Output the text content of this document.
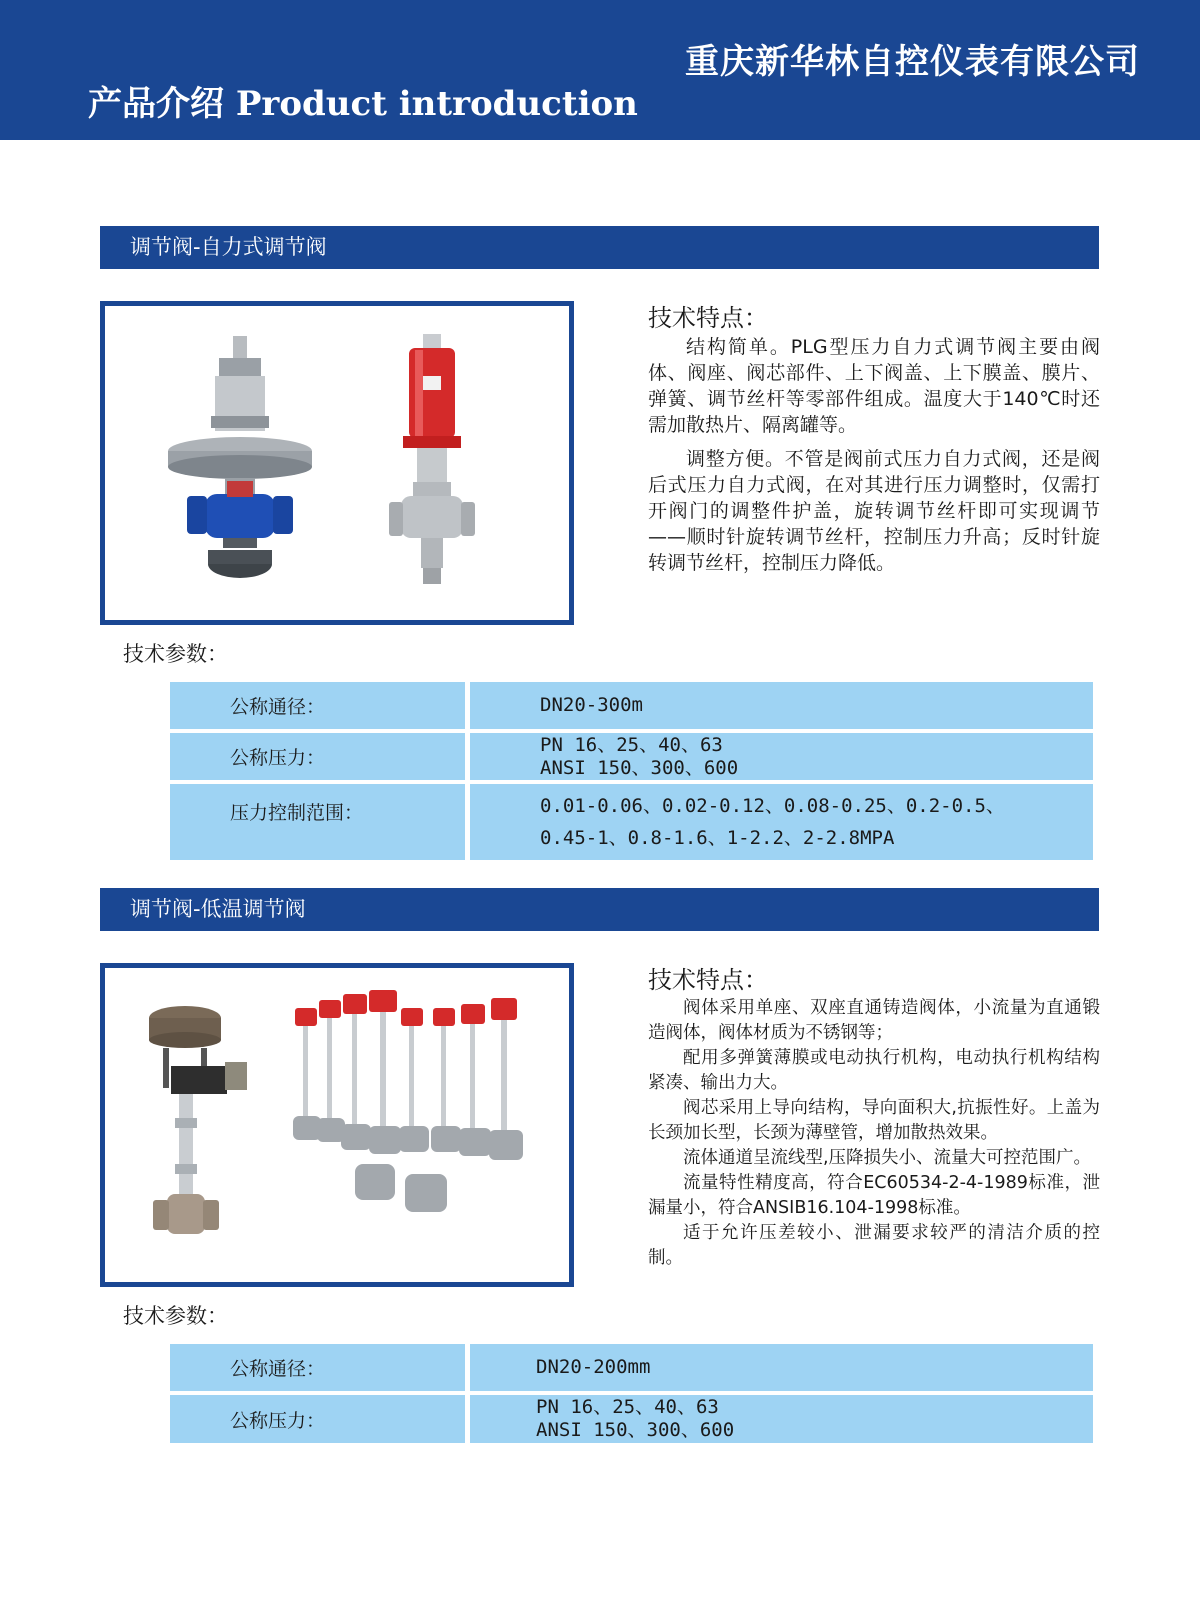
重庆新华林自控仪表有限公司
产品介绍 Product introduction
调节阀-自力式调节阀
技术特点：

结构简单。PLG型压力自力式调节阀主要由阀体、阀座、阀芯部件、上下阀盖、上下膜盖、膜片、弹簧、调节丝杆等零部件组成。温度大于140℃时还需加散热片、隔离罐等。

调整方便。不管是阀前式压力自力式阀，还是阀后式压力自力式阀，在对其进行压力调整时，仅需打开阀门的调整件护盖，旋转调节丝杆即可实现调节——顺时针旋转调节丝杆，控制压力升高；反时针旋转调节丝杆，控制压力降低。

技术参数：
公称通径：	DN20-300m
公称压力：
PN 16、25、40、63
ANSI 150、300、600
压力控制范围：	0.01-0.06、0.02-0.12、0.08-0.25、0.2-0.5、
0.45-1、0.8-1.6、1-2.2、2-2.8MPA
调节阀-低温调节阀
技术特点：

阀体采用单座、双座直通铸造阀体，小流量为直通锻造阀体，阀体材质为不锈钢等；

配用多弹簧薄膜或电动执行机构，电动执行机构结构紧凑、输出力大。

阀芯采用上导向结构，导向面积大,抗振性好。上盖为长颈加长型，长颈为薄壁管，增加散热效果。

流体通道呈流线型,压降损失小、流量大可控范围广。

流量特性精度高，符合EC60534-2-4-1989标准，泄漏量小，符合ANSIB16.104-1998标准。

适于允许压差较小、泄漏要求较严的清洁介质的控制。

技术参数：
公称通径：	DN20-200mm
公称压力：
PN 16、25、40、63
ANSI 150、300、600
